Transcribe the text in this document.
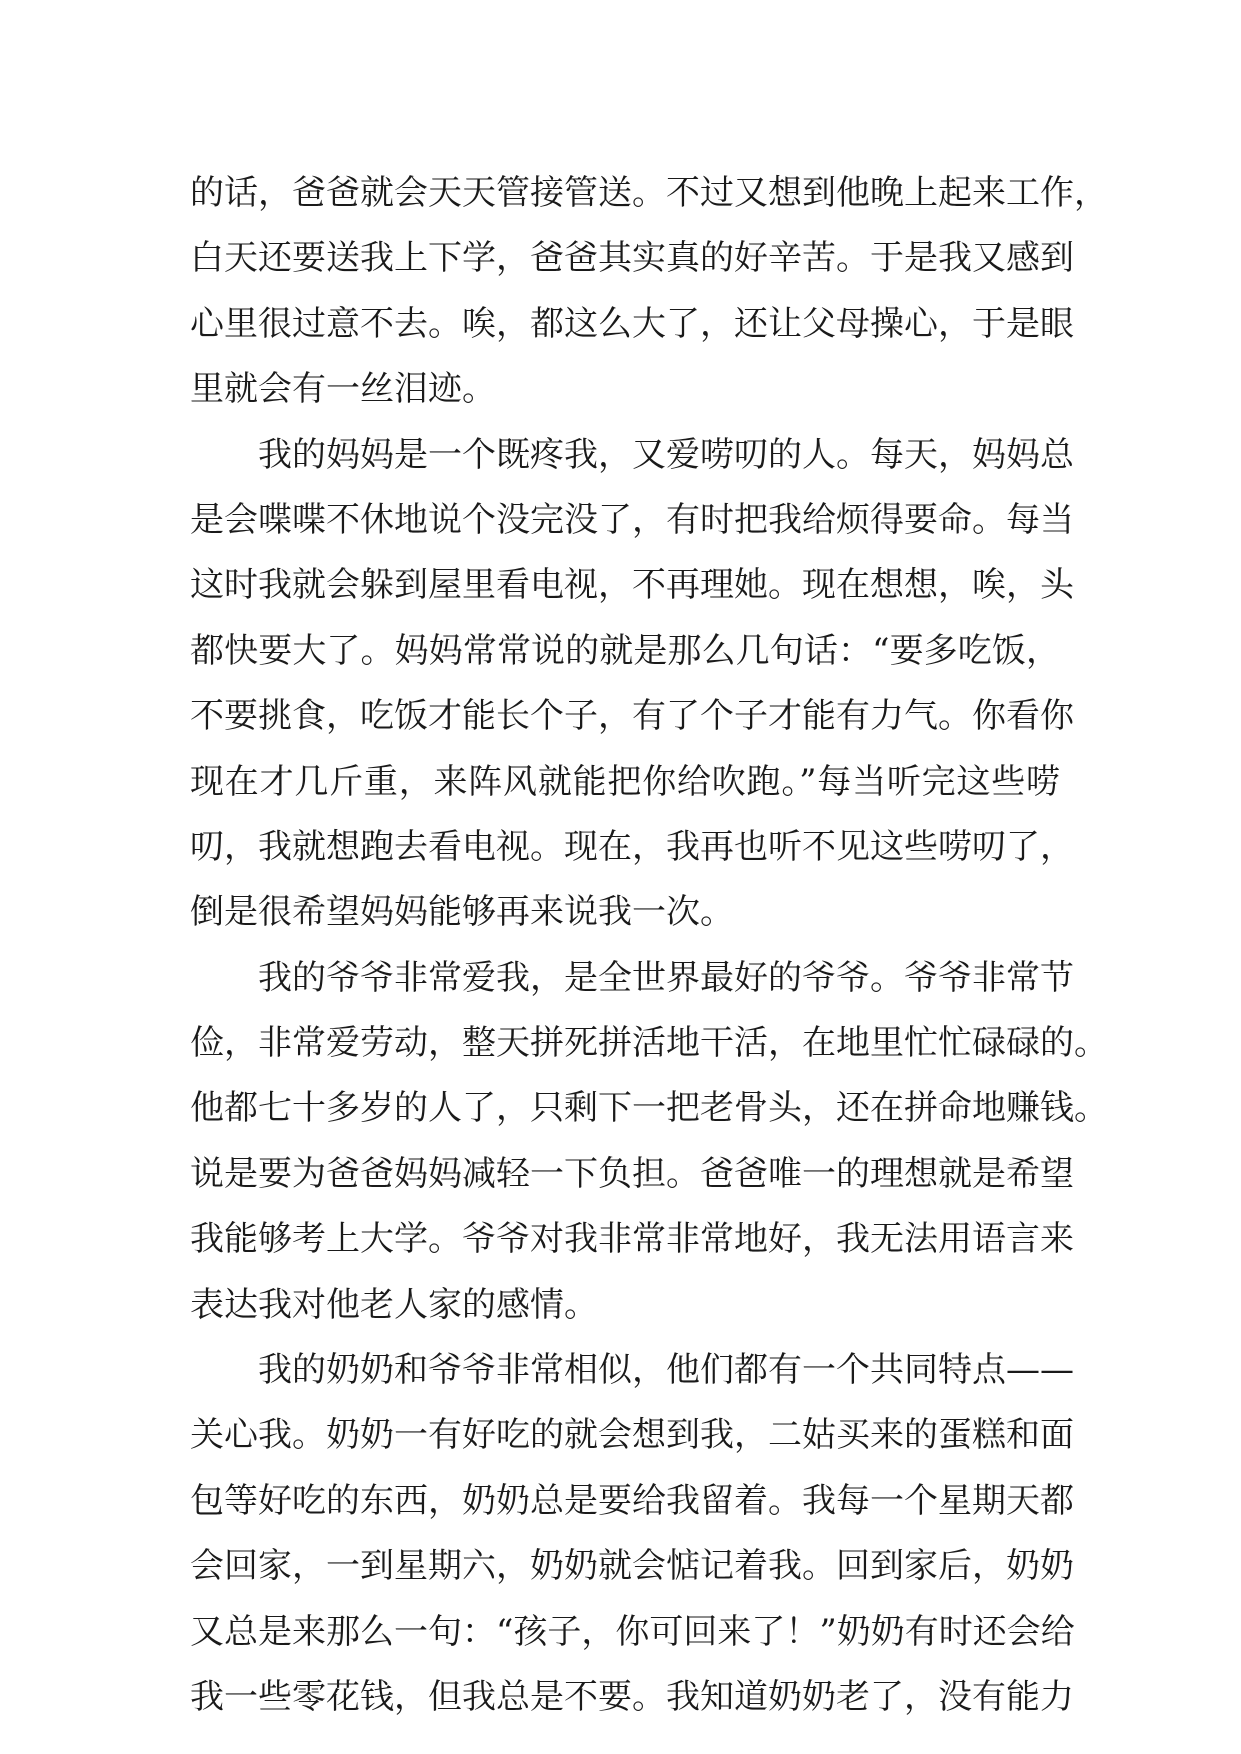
的话，爸爸就会天天管接管送。不过又想到他晚上起来工作，
白天还要送我上下学，爸爸其实真的好辛苦。于是我又感到
心里很过意不去。唉，都这么大了，还让父母操心，于是眼
里就会有一丝泪迹。
我的妈妈是一个既疼我，又爱唠叨的人。每天，妈妈总
是会喋喋不休地说个没完没了，有时把我给烦得要命。每当
这时我就会躲到屋里看电视，不再理她。现在想想，唉，头
都快要大了。妈妈常常说的就是那么几句话：“要多吃饭，
不要挑食，吃饭才能长个子，有了个子才能有力气。你看你
现在才几斤重，来阵风就能把你给吹跑。”每当听完这些唠
叨，我就想跑去看电视。现在，我再也听不见这些唠叨了，
倒是很希望妈妈能够再来说我一次。
我的爷爷非常爱我，是全世界最好的爷爷。爷爷非常节
俭，非常爱劳动，整天拼死拼活地干活，在地里忙忙碌碌的。
他都七十多岁的人了，只剩下一把老骨头，还在拼命地赚钱。
说是要为爸爸妈妈减轻一下负担。爸爸唯一的理想就是希望
我能够考上大学。爷爷对我非常非常地好，我无法用语言来
表达我对他老人家的感情。
我的奶奶和爷爷非常相似，他们都有一个共同特点——
关心我。奶奶一有好吃的就会想到我，二姑买来的蛋糕和面
包等好吃的东西，奶奶总是要给我留着。我每一个星期天都
会回家，一到星期六，奶奶就会惦记着我。回到家后，奶奶
又总是来那么一句：“孩子，你可回来了！”奶奶有时还会给
我一些零花钱，但我总是不要。我知道奶奶老了，没有能力
